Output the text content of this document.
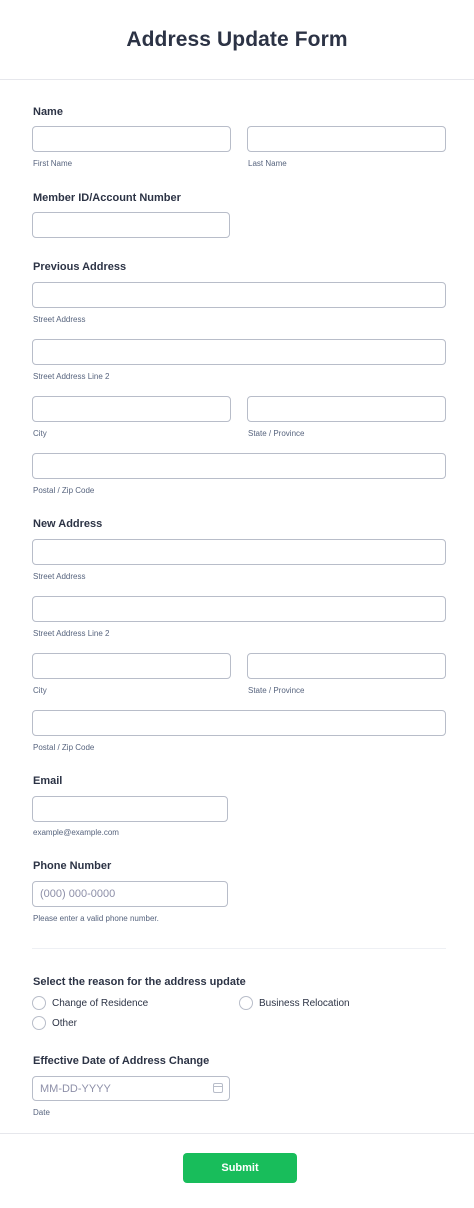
Address Update Form
Name
First Name	Last Name
Member ID/Account Number
Previous Address
Street Address
Street Address Line 2
City	State / Province
Postal / Zip Code
New Address
Street Address
Street Address Line 2
City	State / Province
Postal / Zip Code
Email
example@example.com
Phone Number
(000) 000-0000
Please enter a valid phone number.
Select the reason for the address update
Change of Residence	Business Relocation
Other
Effective Date of Address Change
MM-DD-YYYY
Date
Submit
